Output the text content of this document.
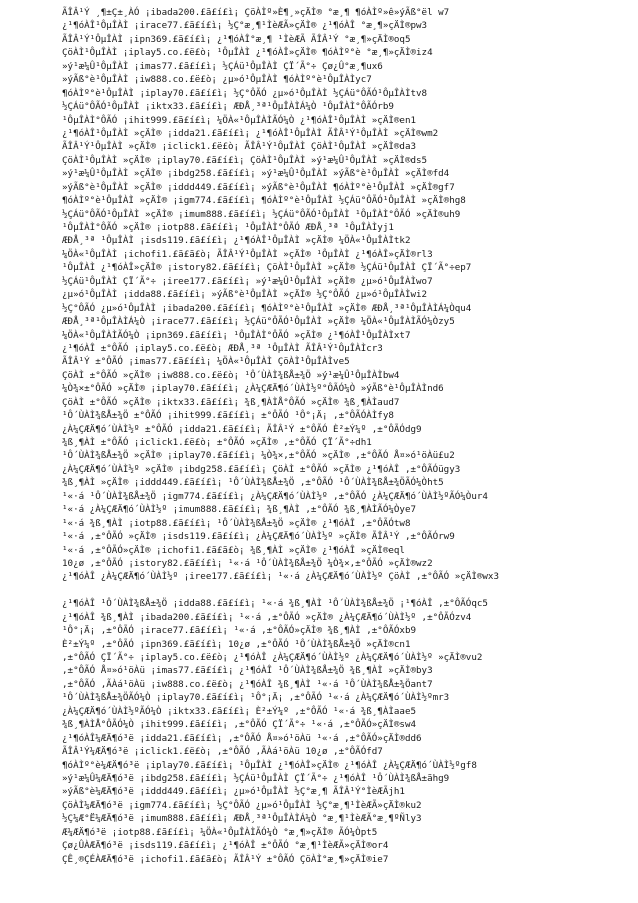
ÃÎÂ¹Ý ¸¶±Ç±¸ÀÓ ¡ibada200.£ã£í£ì¡ ÇöÀÌº»È¶¸»çÄÌ® °æ¸¶ ¶óÀÌº»ê»ýÃß°ël w7
¿¹¶óÀÎ¹ÔµÎÀÌ ¡irace77.£ã£í£ì¡ ½Ç°æ¸¶¹ÌèÆÃ»çÄÌ® ¿¹¶óÀÎ °æ¸¶»çÄÌ®pw3
ÃÎÂ¹Ý¹ÔµÎÀÌ ¡ipn369.£ã£í£ì¡ ¿¹¶óÀÎ°æ¸¶ ¹ÌèÆÃ ÃÎÂ¹Ý °æ¸¶»çÄÌ®oq5
ÇöÀÌ¹ÔµÎÀÌ ¡iplay5.co.£ë£ò¡ ¹ÔµÎÀÌ ¿¹¶óÀÎ»çÄÌ® ¶óÀÌº°è °æ¸¶»çÄÌ®iz4
»ý¹æ¼Û¹ÔµÎÀÌ ¡imas77.£ã£í£ì¡ ½ÇÁü¹ÔµÎÀÌ ÇÏ´Ã°÷ Çø¿Û°æ¸¶ux6
»ýÃß°è¹ÔµÎÀÌ ¡iw888.co.£ë£ò¡ ¿µ»ó¹ÔµÎÀÌ ¶óÀÌº°è¹ÔµÎÀÌyc7
¶óÀÌº°è¹ÔµÎÀÌ ¡iplay70.£ã£í£ì¡ ½Ç°ÔÃÓ ¿µ»ó¹ÔµÎÀÌ ½ÇÁü°ÔÃÓ¹ÔµÎÀÌtv8
½ÇÁü°ÔÃÓ¹ÔµÎÀÌ ¡iktx33.£ã£í£ì¡ ÆÐÅ¸³ª¹ÔµÎÀÌÁ¼Ò ¹ÔµÎÀÌ°ÔÃÓrb9
¹ÔµÎÀÌ°ÔÃÓ ¡ihit999.£ã£í£ì¡ ¼ÖÀ«¹ÔµÎÀÌÃÓ¼Ò ¿¹¶óÀÎ¹ÔµÎÀÌ »çÄÌ®en1
¿¹¶óÀÎ¹ÔµÎÀÌ »çÄÌ® ¡idda21.£ã£í£ì¡ ¿¹¶óÀÎ¹ÔµÎÀÌ ÃÎÂ¹Ý¹ÔµÎÀÌ »çÄÌ®wm2
ÃÎÂ¹Ý¹ÔµÎÀÌ »çÄÌ® ¡iclick1.£ë£ò¡ ÃÎÂ¹Ý¹ÔµÎÀÌ ÇöÀÌ¹ÔµÎÀÌ »çÄÌ®da3
ÇöÀÌ¹ÔµÎÀÌ »çÄÌ® ¡iplay70.£ã£í£ì¡ ÇöÀÌ¹ÔµÎÀÌ »ý¹æ¼Û¹ÔµÎÀÌ »çÄÌ®ds5
»ý¹æ¼Û¹ÔµÎÀÌ »çÄÌ® ¡ibdg258.£ã£í£ì¡ »ý¹æ¼Û¹ÔµÎÀÌ »ýÃß°è¹ÔµÎÀÌ »çÄÌ®fd4
»ýÃß°è¹ÔµÎÀÌ »çÄÌ® ¡iddd449.£ã£í£ì¡ »ýÃß°è¹ÔµÎÀÌ ¶óÀÌº°è¹ÔµÎÀÌ »çÄÌ®gf7
¶óÀÌº°è¹ÔµÎÀÌ »çÄÌ® ¡igm774.£ã£í£ì¡ ¶óÀÌº°è¹ÔµÎÀÌ ½ÇÁü°ÔÃÓ¹ÔµÎÀÌ »çÄÌ®hg8
½ÇÁü°ÔÃÓ¹ÔµÎÀÌ »çÄÌ® ¡imum888.£ã£í£ì¡ ½ÇÁü°ÔÃÓ¹ÔµÎÀÌ ¹ÔµÎÀÌ°ÔÃÓ »çÄÌ®uh9
¹ÔµÎÀÌ°ÔÃÓ »çÄÌ® ¡iotp88.£ã£í£ì¡ ¹ÔµÎÀÌ°ÔÃÓ ÆÐÅ¸³ª ¹ÔµÎÀÌyj1
ÆÐÅ¸³ª ¹ÔµÎÀÌ ¡isds119.£ã£í£ì¡ ¿¹¶óÀÎ¹ÔµÎÀÌ »çÄÌ® ¼ÖÀ«¹ÔµÎÀÌtk2
¼ÖÀ«¹ÔµÎÀÌ ¡ichofi1.£ã£ã£ò¡ ÃÎÂ¹Ý¹ÔµÎÀÌ »çÄÌ® ¹ÔµÎÀÌ ¿¹¶óÀÎ»çÄÌ®rl3
¹ÔµÎÀÌ ¿¹¶óÀÎ»çÄÌ® ¡istory82.£ã£í£ì¡ ÇöÀÌ¹ÔµÎÀÌ »çÄÌ® ½ÇÁü¹ÔµÎÀÌ ÇÏ´Ã°÷ep7
½ÇÁü¹ÔµÎÀÌ ÇÏ´Ã°÷ ¡iree177.£ã£í£ì¡ »ý¹æ¼Û¹ÔµÎÀÌ »çÄÌ® ¿µ»ó¹ÔµÎÀÌwo7
¿µ»ó¹ÔµÎÀÌ ¡idda88.£ã£í£ì¡ »ýÃß°è¹ÔµÎÀÌ »çÄÌ® ½Ç°ÔÃÓ ¿µ»ó¹ÔµÎÀÌwi2
½Ç°ÔÃÓ ¿µ»ó¹ÔµÎÀÌ ¡ibada200.£ã£í£ì¡ ¶óÀÌº°è¹ÔµÎÀÌ »çÄÌ® ÆÐÅ¸³ª¹ÔµÎÀÌÁ¼Òqu4
ÆÐÅ¸³ª¹ÔµÎÀÌÁ¼Ò ¡irace77.£ã£í£ì¡ ½ÇÁü°ÔÃÓ¹ÔµÎÀÌ »çÄÌ® ¼ÖÀ«¹ÔµÎÀÌÃÓ¼Òzy5
¼ÖÀ«¹ÔµÎÀÌÃÓ¼Ò ¡ipn369.£ã£í£ì¡ ¹ÔµÎÀÌ°ÔÃÓ »çÄÌ® ¿¹¶óÀÎ¹ÔµÎÀÌxt7
¿¹¶óÀÎ ±°ÔÃÓ ¡iplay5.co.£ë£ò¡ ÆÐÅ¸³ª ¹ÔµÎÀÌ ÃÎÂ¹Ý¹ÔµÎÀÌcr3
ÃÎÂ¹Ý ±°ÔÃÓ ¡imas77.£ã£í£ì¡ ¼ÖÀ«¹ÔµÎÀÌ ÇöÀÌ¹ÔµÎÀÌve5
ÇöÀÌ ±°ÔÃÓ »çÄÌ® ¡iw888.co.£ë£ò¡ ¹Ô´ÙÀÌ¾ßÅ±¾Ö »ý¹æ¼Û¹ÔµÎÀÌbw4
¼Ò¾×±°ÔÃÓ »çÄÌ® ¡iplay70.£ã£í£ì¡ ¿À¼ÇÆÄ¶ó´ÙÀÌ½º°ÔÃÓ¼Ò »ýÃß°è¹ÔµÎÀÌnd6
ÇöÀÌ ±°ÔÃÓ »çÄÌ® ¡iktx33.£ã£í£ì¡ ¾ß¸¶ÀÌÅ°ÔÃÓ »çÄÌ® ¾ß¸¶ÀÌaud7
¹Ô´ÙÀÌ¾ßÅ±¾Ö ±°ÔÃÓ ¡ihit999.£ã£í£ì¡ ±°ÔÃÓ ¹Ô°¡Ä¡ ,±°ÔÃÓÀÌfy8
¿À¼ÇÆÄ¶ó´ÙÀÌ½º ±°ÔÃÓ ¡idda21.£ã£í£ì¡ ÃÎÂ¹Ý ±°ÔÃÓ È²±Ý¼º ,±°ÔÃÓdg9
¾ß¸¶ÀÌ ±°ÔÃÓ ¡iclick1.£ë£ò¡ ±°ÔÃÓ »çÄÌ® ,±°ÔÃÓ ÇÏ´Ã°÷dh1
¹Ô´ÙÀÌ¾ßÅ±¾Ö »çÄÌ® ¡iplay70.£ã£í£ì¡ ¼Ò¾×,±°ÔÃÓ »çÄÌ® ,±°ÔÃÓ Å¤»ó¹öÀü£u2
¿À¼ÇÆÄ¶ó´ÙÀÌ½º »çÄÌ® ¡ibdg258.£ã£í£ì¡ ÇöÀÌ ±°ÔÃÓ »çÄÌ® ¿¹¶óÀÎ ,±°ÔÃÓügy3
¾ß¸¶ÀÌ »çÄÌ® ¡iddd449.£ã£í£ì¡ ¹Ô´ÙÀÌ¾ßÅ±¾Ö ,±°ÔÃÓ ¹Ô´ÙÀÌ¾ßÅ±¾ÖÃÓ¼Òht5
¹«·á ¹Ô´ÙÀÌ¾ßÅ±¾Ö ¡igm774.£ã£í£ì¡ ¿À¼ÇÆÄ¶ó´ÙÀÌ½º ,±°ÔÃÓ ¿À¼ÇÆÄ¶ó´ÙÀÌ½ºÃÓ¼Òur4
¹«·á ¿À¼ÇÆÄ¶ó´ÙÀÌ½º ¡imum888.£ã£í£ì¡ ¾ß¸¶ÀÌ ,±°ÔÃÓ ¾ß¸¶ÀÌÃÓ¼Òye7
¹«·á ¾ß¸¶ÀÌ ¡iotp88.£ã£í£ì¡ ¹Ô´ÙÀÌ¾ßÅ±¾Ö »çÄÌ® ¿¹¶óÀÎ ,±°ÔÃÓtw8
¹«·á ,±°ÔÃÓ »çÄÌ® ¡isds119.£ã£í£ì¡ ¿À¼ÇÆÄ¶ó´ÙÀÌ½º »çÄÌ® ÃÎÂ¹Ý ,±°ÔÃÓrw9
¹«·á ,±°ÔÃÓ»çÄÌ® ¡ichofi1.£ã£ã£ò¡ ¾ß¸¶ÀÌ »çÄÌ® ¿¹¶óÀÎ »çÄÌ®eql
10¿ø ,±°ÔÃÓ ¡istory82.£ã£í£ì¡ ¹«·á ¹Ô´ÙÀÌ¾ßÅ±¾Ö ¼Ò¾×,±°ÔÃÓ »çÄÌ®wz2
¿¹¶óÀÎ ¿À¼ÇÆÄ¶ó´ÙÀÌ½º ¡iree177.£ã£í£ì¡ ¹«·á ¿À¼ÇÆÄ¶ó´ÙÀÌ½º ÇöÀÌ ,±°ÔÃÓ »çÄÌ®wx3
¿¹¶óÀÎ ¹Ô´ÙÀÌ¾ßÅ±¾Ö ¡idda88.£ã£í£ì¡ ¹«·á ¾ß¸¶ÀÌ ¹Ô´ÙÀÌ¾ßÅ±¾Ö ¡¹¶óÀÎ ,±°ÔÃÓqc5
¿¹¶óÀÎ ¾ß¸¶ÀÌ ¡ibada200.£ã£í£ì¡ ¹«·á ,±°ÔÃÓ »çÄÌ® ¿À¼ÇÆÄ¶ó´ÙÀÌ½º ,±°ÔÃÓzv4
¹Ô°¡Ä¡ ,±°ÔÃÓ ¡irace77.£ã£í£ì¡ ¹«·á ,±°ÔÃÓ»çÄÌ® ¾ß¸¶ÀÌ ,±°ÔÃÓxb9
È²±Ý¼º ,±°ÔÃÓ ¡ipn369.£ã£í£ì¡ 10¿ø ,±°ÔÃÓ ¹Ô´ÙÀÌ¾ßÅ±¾Ö »çÄÌ®cn1
,±°ÔÃÓ ÇÏ´Ã°÷ ¡iplay5.co.£ë£ò¡ ¿¹¶óÀÎ ¿À¼ÇÆÄ¶ó´ÙÀÌ½º ¿À¼ÇÆÄ¶ó´ÙÀÌ½º »çÄÌ®vu2
,±°ÔÃÓ Å¤»ó¹öÀü ¡imas77.£ã£í£ì¡ ¿¹¶óÀÎ ¹Ô´ÙÀÌ¾ßÅ±¾Ö ¾ß¸¶ÀÌ »çÄÌ®by3
,±°ÔÃÓ ,ÃÀá¹öÀü ¡iw888.co.£ë£ò¡ ¿¹¶óÀÎ ¾ß¸¶ÀÌ ¹«·á ¹Ô´ÙÀÌ¾ßÅ±¾Öant7
¹Ô´ÙÀÌ¾ßÅ±¾ÖÃÓ¼Ò ¡iplay70.£ã£í£ì¡ ¹Ô°¡Ä¡ ,±°ÔÃÓ ¹«·á ¿À¼ÇÆÄ¶ó´ÙÀÌ½ºmr3
¿À¼ÇÆÄ¶ó´ÙÀÌ½ºÃÓ¼Ò ¡iktx33.£ã£í£ì¡ È²±Ý¼º ,±°ÔÃÓ ¹«·á ¾ß¸¶ÀÌaae5
¾ß¸¶ÀÌÅ°ÔÃÓ¼Ò ¡ihit999.£ã£í£ì¡ ,±°ÔÃÓ ÇÏ´Ã°÷ ¹«·á ,±°ÔÃÓ»çÄÌ®sw4
¿¹¶óÀÎ¼ÆÄ¶ó³ë ¡idda21.£ã£í£ì¡ ,±°ÔÃÓ Å¤»ó¹öÀü ¹«·á ,±°ÔÃÓ»çÄÌ®dd6
ÃÎÂ¹Ý¼ÆÄ¶ó³ë ¡iclick1.£ë£ò¡ ,±°ÔÃÓ ,ÃÀá¹öÀü 10¿ø ,±°ÔÃÓfd7
¶óÀÌº°è¼ÆÄ¶ó³ë ¡iplay70.£ã£í£ì¡ ¹ÔµÎÀÌ ¿¹¶óÀÎ»çÄÌ® ¿¹¶óÀÎ ¿À¼ÇÆÄ¶ó´ÙÀÌ½ºgf8
»ý¹æ¼Û¼ÆÄ¶ó³ë ¡ibdg258.£ã£í£ì¡ ½ÇÁü¹ÔµÎÀÌ ÇÏ´Ã°÷ ¿¹¶óÀÎ ¹Ô´ÙÀÌ¾ßÅ±ãhg9
»ýÃß°è¼ÆÄ¶ó³ë ¡iddd449.£ã£í£ì¡ ¿µ»ó¹ÔµÎÀÌ ½Ç°æ¸¶ ÃÎÂ¹Ý°ÌèÆÃjh1
ÇöÀÌ¼ÆÄ¶ó³ë ¡igm774.£ã£í£ì¡ ½Ç°ÔÃÓ ¿µ»ó¹ÔµÎÀÌ ½Ç°æ¸¶¹ÌèÆÃ»çÄÌ®ku2
½Ç¼Æ°Ë¼ÆÄ¶ó³ë ¡imum888.£ã£í£ì¡ ÆÐÅ¸³ª¹ÔµÎÀÌÁ¼Ò °æ¸¶¹ÌèÆÃ°æ¸¶ºÑly3
Æ¼ÆÄ¶ó³ë ¡iotp88.£ã£í£ì¡ ¼ÖÀ«¹ÔµÎÀÌÃÓ¼Ò °æ¸¶»çÄÌ® ÃÓ¼Òpt5
Çø¿ÛÀÆÄ¶ó³ë ¡isds119.£ã£í£ì¡ ¿¹¶óÀÎ ±°ÔÃÓ °æ¸¶¹ÌèÆÃ»çÄÌ®or4
ÇÊ¸®ÇÉÀÆÄ¶ó³ë ¡ichofi1.£ã£ã£ò¡ ÃÎÂ¹Ý ±°ÔÃÓ ÇöÀÌ°æ¸¶»çÄÌ®ie7
